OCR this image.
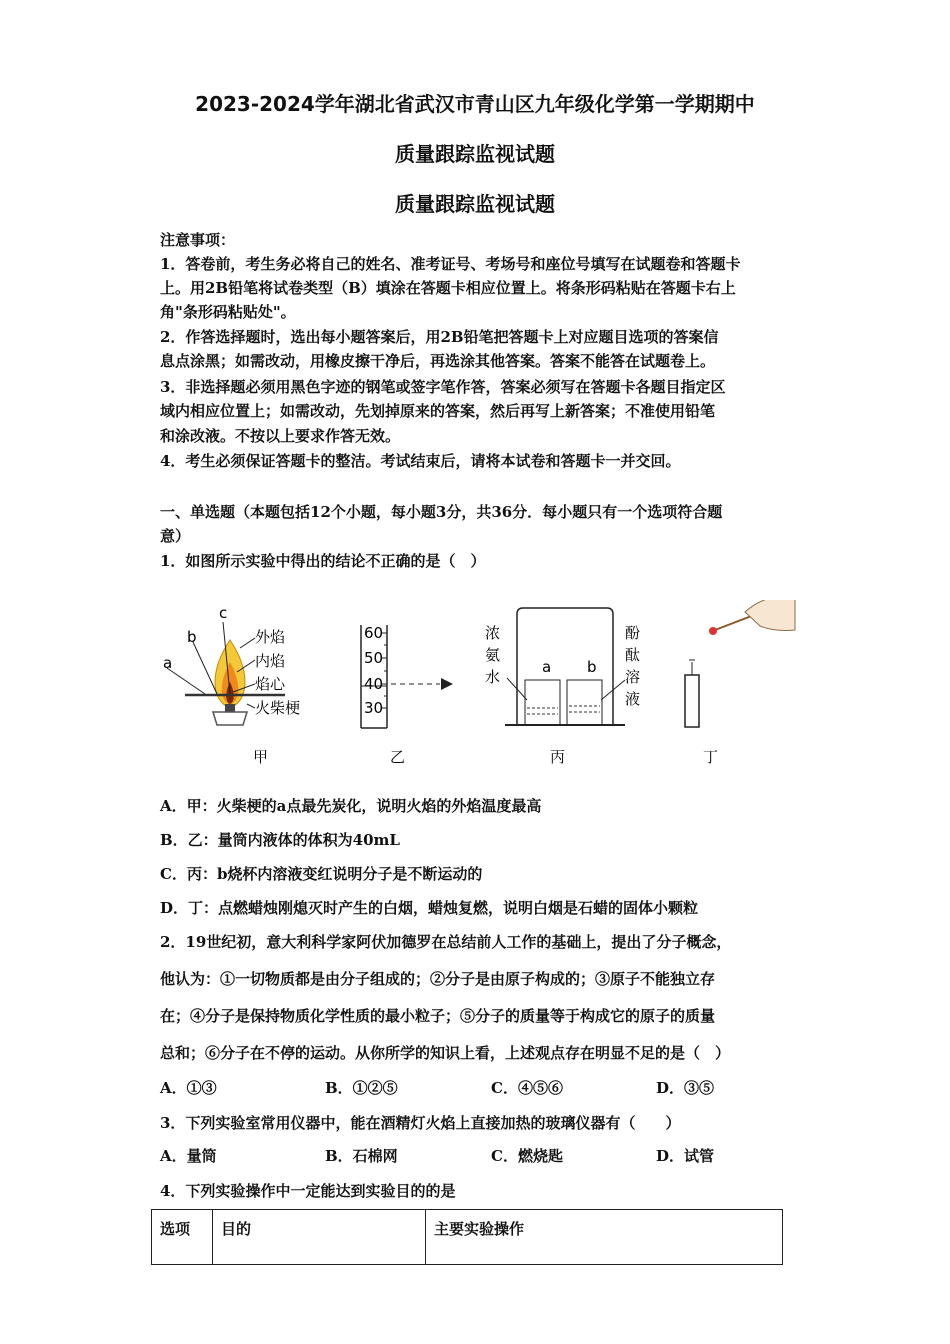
2023-2024学年湖北省武汉市青山区九年级化学第一学期期中
质量跟踪监视试题
质量跟踪监视试题
注意事项：
1．答卷前，考生务必将自己的姓名、准考证号、考场号和座位号填写在试题卷和答题卡
上。用2B铅笔将试卷类型（B）填涂在答题卡相应位置上。将条形码粘贴在答题卡右上
角"条形码粘贴处"。
2．作答选择题时，选出每小题答案后，用2B铅笔把答题卡上对应题目选项的答案信
息点涂黑；如需改动，用橡皮擦干净后，再选涂其他答案。答案不能答在试题卷上。
3．非选择题必须用黑色字迹的钢笔或签字笔作答，答案必须写在答题卡各题目指定区
域内相应位置上；如需改动，先划掉原来的答案，然后再写上新答案；不准使用铅笔
和涂改液。不按以上要求作答无效。
4．考生必须保证答题卡的整洁。考试结束后，请将本试卷和答题卡一并交回。
一、单选题（本题包括12个小题，每小题3分，共36分．每小题只有一个选项符合题
意）
1．如图所示实验中得出的结论不正确的是（　）
a
b
c
外焰
内焰
焰心
火柴梗
甲
60
50
40
30
乙
浓
氨
水
a b
酚
酞
溶
液
丙	丁
A．甲：火柴梗的a点最先炭化，说明火焰的外焰温度最高
B．乙：量筒内液体的体积为40mL
C．丙：b烧杯内溶液变红说明分子是不断运动的
D．丁：点燃蜡烛刚熄灭时产生的白烟，蜡烛复燃，说明白烟是石蜡的固体小颗粒
2．19世纪初，意大利科学家阿伏加德罗在总结前人工作的基础上，提出了分子概念，
他认为：①一切物质都是由分子组成的；②分子是由原子构成的；③原子不能独立存
在；④分子是保持物质化学性质的最小粒子；⑤分子的质量等于构成它的原子的质量
总和；⑥分子在不停的运动。从你所学的知识上看，上述观点存在明显不足的是（　）
A．①③	B．①②⑤	C．④⑤⑥	D．③⑤
3．下列实验室常用仪器中，能在酒精灯火焰上直接加热的玻璃仪器有（　　）
A．量筒	B．石棉网	C．燃烧匙	D．试管
4．下列实验操作中一定能达到实验目的的是
选项	目的	主要实验操作
